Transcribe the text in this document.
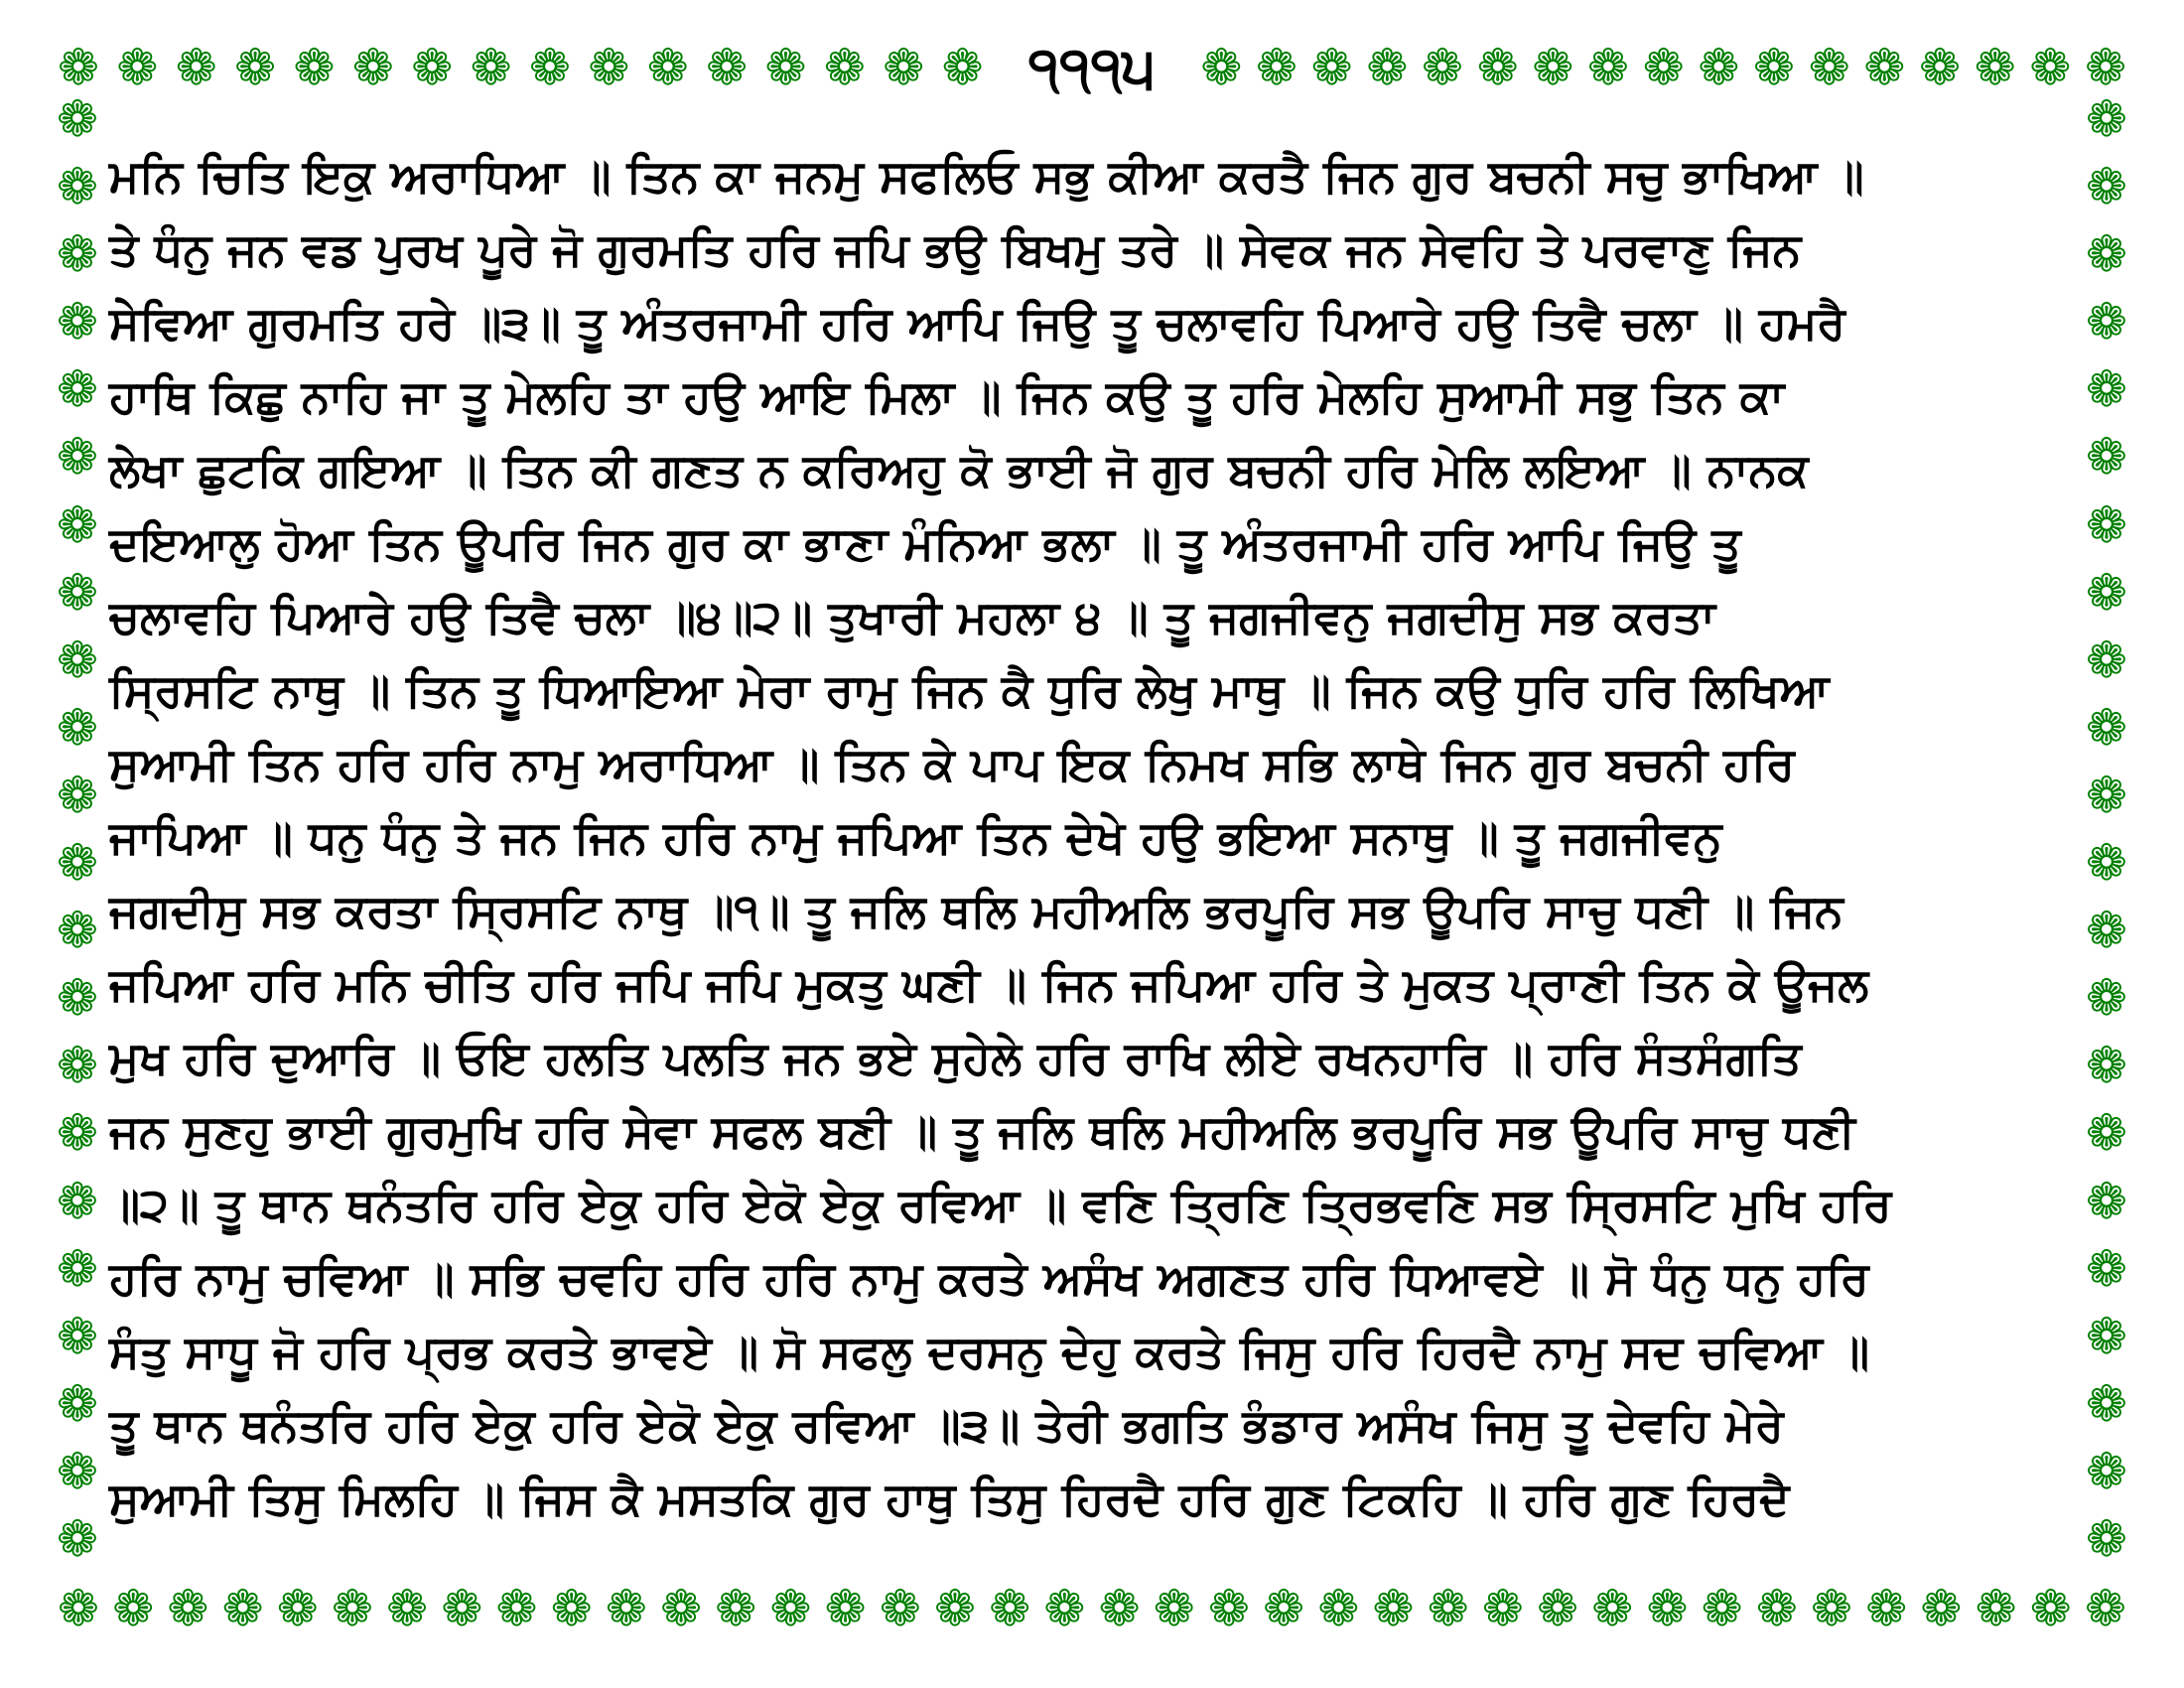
❁ ❁ ❁ ❁ ❁ ❁ ❁ ❁ ❁ ❁ ❁ ❁ ❁ ❁ ❁ ❁ ੧੧੧੫ ❁ ❁ ❁ ❁ ❁ ❁ ❁ ❁ ❁ ❁ ❁ ❁ ❁ ❁ ❁ ❁ ❁
❁
❁
❁
❁
❁
❁
❁
❁
❁
❁
❁
❁
❁
❁
❁
❁
❁
❁
❁
❁
❁
❁
❁
❁
❁
❁
❁
❁
❁
❁
❁
❁
❁
❁
❁
❁
❁
❁
❁
❁
❁
❁
❁
❁
❁ ❁ ❁ ❁ ❁ ❁ ❁ ❁ ❁ ❁ ❁ ❁ ❁ ❁ ❁ ❁ ❁ ❁ ❁ ❁ ❁ ❁ ❁ ❁ ❁ ❁ ❁ ❁ ❁ ❁ ❁ ❁ ❁ ❁ ❁ ❁ ❁ ❁
ਮਨਿ ਚਿਤਿ ਇਕੁ ਅਰਾਧਿਆ ॥ ਤਿਨ ਕਾ ਜਨਮੁ ਸਫਲਿਓ ਸਭੁ ਕੀਆ ਕਰਤੈ ਜਿਨ ਗੁਰ ਬਚਨੀ ਸਚੁ ਭਾਖਿਆ ॥
ਤੇ ਧੰਨੁ ਜਨ ਵਡ ਪੁਰਖ ਪੂਰੇ ਜੋ ਗੁਰਮਤਿ ਹਰਿ ਜਪਿ ਭਉ ਬਿਖਮੁ ਤਰੇ ॥ ਸੇਵਕ ਜਨ ਸੇਵਹਿ ਤੇ ਪਰਵਾਣੁ ਜਿਨ
ਸੇਵਿਆ ਗੁਰਮਤਿ ਹਰੇ ॥੩॥ ਤੂ ਅੰਤਰਜਾਮੀ ਹਰਿ ਆਪਿ ਜਿਉ ਤੂ ਚਲਾਵਹਿ ਪਿਆਰੇ ਹਉ ਤਿਵੈ ਚਲਾ ॥ ਹਮਰੈ
ਹਾਥਿ ਕਿਛੁ ਨਾਹਿ ਜਾ ਤੂ ਮੇਲਹਿ ਤਾ ਹਉ ਆਇ ਮਿਲਾ ॥ ਜਿਨ ਕਉ ਤੂ ਹਰਿ ਮੇਲਹਿ ਸੁਆਮੀ ਸਭੁ ਤਿਨ ਕਾ
ਲੇਖਾ ਛੁਟਕਿ ਗਇਆ ॥ ਤਿਨ ਕੀ ਗਣਤ ਨ ਕਰਿਅਹੁ ਕੋ ਭਾਈ ਜੋ ਗੁਰ ਬਚਨੀ ਹਰਿ ਮੇਲਿ ਲਇਆ ॥ ਨਾਨਕ
ਦਇਆਲੁ ਹੋਆ ਤਿਨ ਊਪਰਿ ਜਿਨ ਗੁਰ ਕਾ ਭਾਣਾ ਮੰਨਿਆ ਭਲਾ ॥ ਤੂ ਅੰਤਰਜਾਮੀ ਹਰਿ ਆਪਿ ਜਿਉ ਤੂ
ਚਲਾਵਹਿ ਪਿਆਰੇ ਹਉ ਤਿਵੈ ਚਲਾ ॥੪॥੨॥ ਤੁਖਾਰੀ ਮਹਲਾ ੪ ॥ ਤੂ ਜਗਜੀਵਨੁ ਜਗਦੀਸੁ ਸਭ ਕਰਤਾ
ਸ੍ਰਿਸਟਿ ਨਾਥੁ ॥ ਤਿਨ ਤੂ ਧਿਆਇਆ ਮੇਰਾ ਰਾਮੁ ਜਿਨ ਕੈ ਧੁਰਿ ਲੇਖੁ ਮਾਥੁ ॥ ਜਿਨ ਕਉ ਧੁਰਿ ਹਰਿ ਲਿਖਿਆ
ਸੁਆਮੀ ਤਿਨ ਹਰਿ ਹਰਿ ਨਾਮੁ ਅਰਾਧਿਆ ॥ ਤਿਨ ਕੇ ਪਾਪ ਇਕ ਨਿਮਖ ਸਭਿ ਲਾਥੇ ਜਿਨ ਗੁਰ ਬਚਨੀ ਹਰਿ
ਜਾਪਿਆ ॥ ਧਨੁ ਧੰਨੁ ਤੇ ਜਨ ਜਿਨ ਹਰਿ ਨਾਮੁ ਜਪਿਆ ਤਿਨ ਦੇਖੇ ਹਉ ਭਇਆ ਸਨਾਥੁ ॥ ਤੂ ਜਗਜੀਵਨੁ
ਜਗਦੀਸੁ ਸਭ ਕਰਤਾ ਸ੍ਰਿਸਟਿ ਨਾਥੁ ॥੧॥ ਤੂ ਜਲਿ ਥਲਿ ਮਹੀਅਲਿ ਭਰਪੂਰਿ ਸਭ ਊਪਰਿ ਸਾਚੁ ਧਣੀ ॥ ਜਿਨ
ਜਪਿਆ ਹਰਿ ਮਨਿ ਚੀਤਿ ਹਰਿ ਜਪਿ ਜਪਿ ਮੁਕਤੁ ਘਣੀ ॥ ਜਿਨ ਜਪਿਆ ਹਰਿ ਤੇ ਮੁਕਤ ਪ੍ਰਾਣੀ ਤਿਨ ਕੇ ਊਜਲ
ਮੁਖ ਹਰਿ ਦੁਆਰਿ ॥ ਓਇ ਹਲਤਿ ਪਲਤਿ ਜਨ ਭਏ ਸੁਹੇਲੇ ਹਰਿ ਰਾਖਿ ਲੀਏ ਰਖਨਹਾਰਿ ॥ ਹਰਿ ਸੰਤਸੰਗਤਿ
ਜਨ ਸੁਣਹੁ ਭਾਈ ਗੁਰਮੁਖਿ ਹਰਿ ਸੇਵਾ ਸਫਲ ਬਣੀ ॥ ਤੂ ਜਲਿ ਥਲਿ ਮਹੀਅਲਿ ਭਰਪੂਰਿ ਸਭ ਊਪਰਿ ਸਾਚੁ ਧਣੀ
॥੨॥ ਤੂ ਥਾਨ ਥਨੰਤਰਿ ਹਰਿ ਏਕੁ ਹਰਿ ਏਕੋ ਏਕੁ ਰਵਿਆ ॥ ਵਣਿ ਤ੍ਰਿਣਿ ਤ੍ਰਿਭਵਣਿ ਸਭ ਸ੍ਰਿਸਟਿ ਮੁਖਿ ਹਰਿ
ਹਰਿ ਨਾਮੁ ਚਵਿਆ ॥ ਸਭਿ ਚਵਹਿ ਹਰਿ ਹਰਿ ਨਾਮੁ ਕਰਤੇ ਅਸੰਖ ਅਗਣਤ ਹਰਿ ਧਿਆਵਏ ॥ ਸੋ ਧੰਨੁ ਧਨੁ ਹਰਿ
ਸੰਤੁ ਸਾਧੂ ਜੋ ਹਰਿ ਪ੍ਰਭ ਕਰਤੇ ਭਾਵਏ ॥ ਸੋ ਸਫਲੁ ਦਰਸਨੁ ਦੇਹੁ ਕਰਤੇ ਜਿਸੁ ਹਰਿ ਹਿਰਦੈ ਨਾਮੁ ਸਦ ਚਵਿਆ ॥
ਤੂ ਥਾਨ ਥਨੰਤਰਿ ਹਰਿ ਏਕੁ ਹਰਿ ਏਕੋ ਏਕੁ ਰਵਿਆ ॥੩॥ ਤੇਰੀ ਭਗਤਿ ਭੰਡਾਰ ਅਸੰਖ ਜਿਸੁ ਤੂ ਦੇਵਹਿ ਮੇਰੇ
ਸੁਆਮੀ ਤਿਸੁ ਮਿਲਹਿ ॥ ਜਿਸ ਕੈ ਮਸਤਕਿ ਗੁਰ ਹਾਥੁ ਤਿਸੁ ਹਿਰਦੈ ਹਰਿ ਗੁਣ ਟਿਕਹਿ ॥ ਹਰਿ ਗੁਣ ਹਿਰਦੈ
